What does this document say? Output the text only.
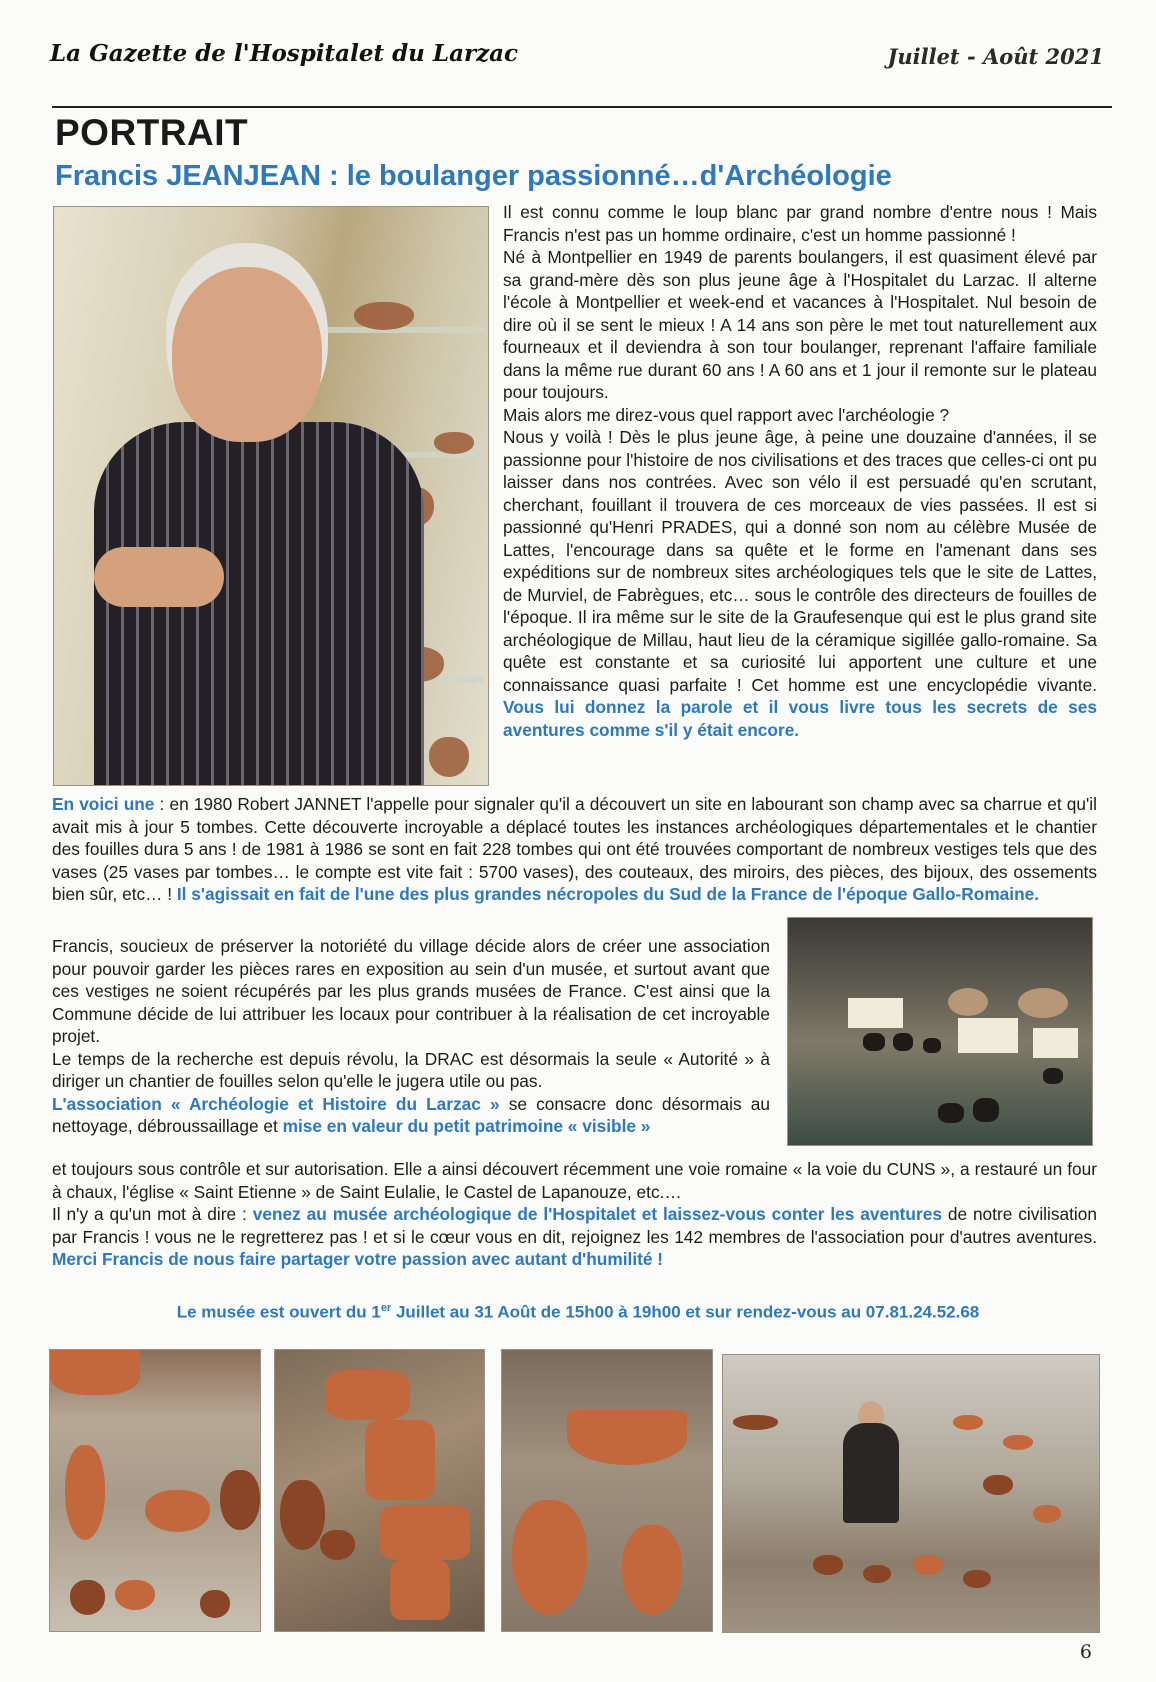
La Gazette de l'Hospitalet du Larzac	Juillet - Août 2021
PORTRAIT
Francis JEANJEAN : le boulanger passionné…d'Archéologie

Il est connu comme le loup blanc par grand nombre d'entre nous ! Mais Francis n'est pas un homme ordinaire, c'est un homme passionné !

Né à Montpellier en 1949 de parents boulangers, il est quasiment élevé par sa grand-mère dès son plus jeune âge à l'Hospitalet du Larzac. Il alterne l'école à Montpellier et week-end et vacances à l'Hospitalet. Nul besoin de dire où il se sent le mieux ! A 14 ans son père le met tout naturellement aux fourneaux et il deviendra à son tour boulanger, reprenant l'affaire familiale dans la même rue durant 60 ans ! A 60 ans et 1 jour il remonte sur le plateau pour toujours.

Mais alors me direz-vous quel rapport avec l'archéologie ?

Nous y voilà ! Dès le plus jeune âge, à peine une douzaine d'années, il se passionne pour l'histoire de nos civilisations et des traces que celles-ci ont pu laisser dans nos contrées. Avec son vélo il est persuadé qu'en scrutant, cherchant, fouillant il trouvera de ces morceaux de vies passées. Il est si passionné qu'Henri PRADES, qui a donné son nom au célèbre Musée de Lattes, l'encourage dans sa quête et le forme en l'amenant dans ses expéditions sur de nombreux sites archéologiques tels que le site de Lattes, de Murviel, de Fabrègues, etc… sous le contrôle des directeurs de fouilles de l'époque. Il ira même sur le site de la Graufesenque qui est le plus grand site archéologique de Millau, haut lieu de la céramique sigillée gallo-romaine. Sa quête est constante et sa curiosité lui apportent une culture et une connaissance quasi parfaite ! Cet homme est une encyclopédie vivante. Vous lui donnez la parole et il vous livre tous les secrets de ses aventures comme s'il y était encore.

En voici une : en 1980 Robert JANNET l'appelle pour signaler qu'il a découvert un site en labourant son champ avec sa charrue et qu'il avait mis à jour 5 tombes. Cette découverte incroyable a déplacé toutes les instances archéologiques départementales et le chantier des fouilles dura 5 ans ! de 1981 à 1986 se sont en fait 228 tombes qui ont été trouvées comportant de nombreux vestiges tels que des vases (25 vases par tombes… le compte est vite fait : 5700 vases), des couteaux, des miroirs, des pièces, des bijoux, des ossements bien sûr, etc… ! Il s'agissait en fait de l'une des plus grandes nécropoles du Sud de la France de l'époque Gallo-Romaine.

Francis, soucieux de préserver la notoriété du village décide alors de créer une association pour pouvoir garder les pièces rares en exposition au sein d'un musée, et surtout avant que ces vestiges ne soient récupérés par les plus grands musées de France. C'est ainsi que la Commune décide de lui attribuer les locaux pour contribuer à la réalisation de cet incroyable projet.

Le temps de la recherche est depuis révolu, la DRAC est désormais la seule « Autorité » à diriger un chantier de fouilles selon qu'elle le jugera utile ou pas.

L'association « Archéologie et Histoire du Larzac » se consacre donc désormais au nettoyage, débroussaillage et mise en valeur du petit patrimoine « visible »

et toujours sous contrôle et sur autorisation. Elle a ainsi découvert récemment une voie romaine « la voie du CUNS », a restauré un four à chaux, l'église « Saint Etienne » de Saint Eulalie, le Castel de Lapanouze, etc.…

Il n'y a qu'un mot à dire : venez au musée archéologique de l'Hospitalet et laissez-vous conter les aventures de notre civilisation par Francis ! vous ne le regretterez pas ! et si le cœur vous en dit, rejoignez les 142 membres de l'association pour d'autres aventures. Merci Francis de nous faire partager votre passion avec autant d'humilité !

Le musée est ouvert du 1er Juillet au 31 Août de 15h00 à 19h00 et sur rendez-vous au 07.81.24.52.68
6
